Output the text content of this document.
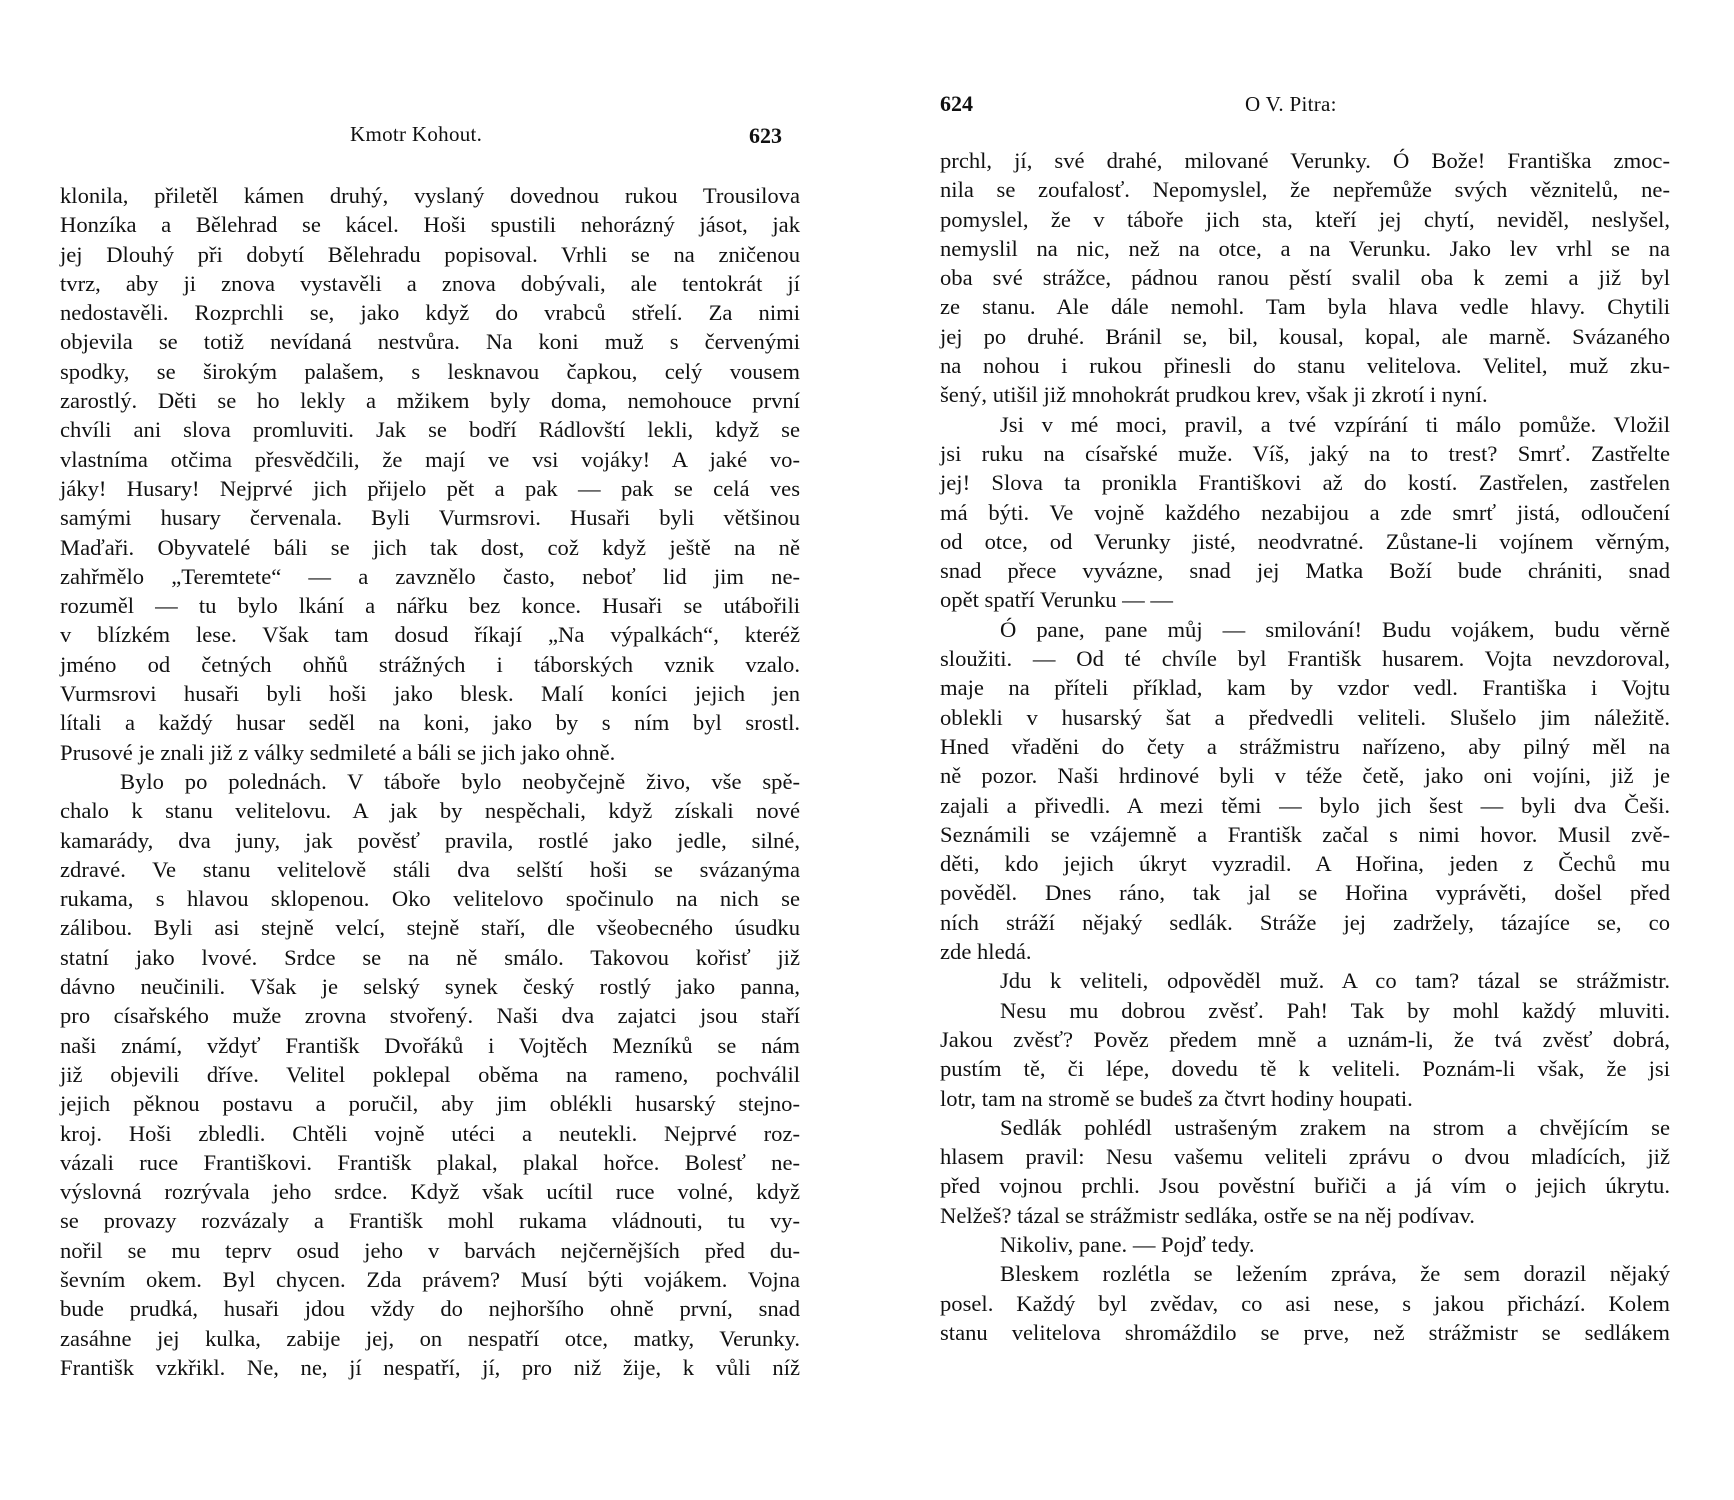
Kmotr Kohout.	623
klonila, přiletěl kámen druhý, vyslaný dovednou rukou Trousilova
Honzíka a Bělehrad se kácel. Hoši spustili nehorázný jásot, jak
jej Dlouhý při dobytí Bělehradu popisoval. Vrhli se na zničenou
tvrz, aby ji znova vystavěli a znova dobývali, ale tentokrát jí
nedostavěli. Rozprchli se, jako když do vrabců střelí. Za nimi
objevila se totiž nevídaná nestvůra. Na koni muž s červenými
spodky, se širokým palašem, s lesknavou čapkou, celý vousem
zarostlý. Děti se ho lekly a mžikem byly doma, nemohouce první
chvíli ani slova promluviti. Jak se bodří Rádlovští lekli, když se
vlastníma otčima přesvědčili, že mají ve vsi vojáky! A jaké vo-
jáky! Husary! Nejprvé jich přijelo pět a pak — pak se celá ves
samými husary červenala. Byli Vurmsrovi. Husaři byli většinou
Maďaři. Obyvatelé báli se jich tak dost, což když ještě na ně
zahřmělo „Teremtete“ — a zavznělo často, neboť lid jim ne-
rozuměl — tu bylo lkání a nářku bez konce. Husaři se utábořili
v blízkém lese. Však tam dosud říkají „Na výpalkách“, kteréž
jméno od četných ohňů strážných i táborských vznik vzalo.
Vurmsrovi husaři byli hoši jako blesk. Malí koníci jejich jen
lítali a každý husar seděl na koni, jako by s ním byl srostl.
Prusové je znali již z války sedmileté a báli se jich jako ohně.
Bylo po polednách. V táboře bylo neobyčejně živo, vše spě-
chalo k stanu velitelovu. A jak by nespěchali, když získali nové
kamarády, dva juny, jak pověsť pravila, rostlé jako jedle, silné,
zdravé. Ve stanu velitelově stáli dva selští hoši se svázanýma
rukama, s hlavou sklopenou. Oko velitelovo spočinulo na nich se
zálibou. Byli asi stejně velcí, stejně staří, dle všeobecného úsudku
statní jako lvové. Srdce se na ně smálo. Takovou kořisť již
dávno neučinili. Však je selský synek český rostlý jako panna,
pro císařského muže zrovna stvořený. Naši dva zajatci jsou staří
naši známí, vždyť Františk Dvořáků i Vojtěch Mezníků se nám
již objevili dříve. Velitel poklepal oběma na rameno, pochválil
jejich pěknou postavu a poručil, aby jim oblékli husarský stejno-
kroj. Hoši zbledli. Chtěli vojně utéci a neutekli. Nejprvé roz-
vázali ruce Františkovi. Františk plakal, plakal hořce. Bolesť ne-
výslovná rozrývala jeho srdce. Když však ucítil ruce volné, když
se provazy rozvázaly a Františk mohl rukama vládnouti, tu vy-
nořil se mu teprv osud jeho v barvách nejčernějších před du-
ševním okem. Byl chycen. Zda právem? Musí býti vojákem. Vojna
bude prudká, husaři jdou vždy do nejhoršího ohně první, snad
zasáhne jej kulka, zabije jej, on nespatří otce, matky, Verunky.
Františk vzkřikl. Ne, ne, jí nespatří, jí, pro niž žije, k vůli níž
624	O V. Pitra:
prchl, jí, své drahé, milované Verunky. Ó Bože! Františka zmoc-
nila se zoufalosť. Nepomyslel, že nepřemůže svých věznitelů, ne-
pomyslel, že v táboře jich sta, kteří jej chytí, neviděl, neslyšel,
nemyslil na nic, než na otce, a na Verunku. Jako lev vrhl se na
oba své strážce, pádnou ranou pěstí svalil oba k zemi a již byl
ze stanu. Ale dále nemohl. Tam byla hlava vedle hlavy. Chytili
jej po druhé. Bránil se, bil, kousal, kopal, ale marně. Svázaného
na nohou i rukou přinesli do stanu velitelova. Velitel, muž zku-
šený, utišil již mnohokrát prudkou krev, však ji zkrotí i nyní.
Jsi v mé moci, pravil, a tvé vzpírání ti málo pomůže. Vložil
jsi ruku na císařské muže. Víš, jaký na to trest? Smrť. Zastřelte
jej! Slova ta pronikla Františkovi až do kostí. Zastřelen, zastřelen
má býti. Ve vojně každého nezabijou a zde smrť jistá, odloučení
od otce, od Verunky jisté, neodvratné. Zůstane-li vojínem věrným,
snad přece vyvázne, snad jej Matka Boží bude chrániti, snad
opět spatří Verunku — —
Ó pane, pane můj — smilování! Budu vojákem, budu věrně
sloužiti. — Od té chvíle byl Františk husarem. Vojta nevzdoroval,
maje na příteli příklad, kam by vzdor vedl. Františka i Vojtu
oblekli v husarský šat a předvedli veliteli. Slušelo jim náležitě.
Hned vřaděni do čety a strážmistru nařízeno, aby pilný měl na
ně pozor. Naši hrdinové byli v téže četě, jako oni vojíni, již je
zajali a přivedli. A mezi těmi — bylo jich šest — byli dva Češi.
Seznámili se vzájemně a Františk začal s nimi hovor. Musil zvě-
děti, kdo jejich úkryt vyzradil. A Hořina, jeden z Čechů mu
pověděl. Dnes ráno, tak jal se Hořina vyprávěti, došel před
ních stráží nějaký sedlák. Stráže jej zadržely, tázajíce se, co
zde hledá.
Jdu k veliteli, odpověděl muž. A co tam? tázal se strážmistr.
Nesu mu dobrou zvěsť. Pah! Tak by mohl každý mluviti.
Jakou zvěsť? Pověz předem mně a uznám-li, že tvá zvěsť dobrá,
pustím tě, či lépe, dovedu tě k veliteli. Poznám-li však, že jsi
lotr, tam na stromě se budeš za čtvrt hodiny houpati.
Sedlák pohlédl ustrašeným zrakem na strom a chvějícím se
hlasem pravil: Nesu vašemu veliteli zprávu o dvou mladících, již
před vojnou prchli. Jsou pověstní buřiči a já vím o jejich úkrytu.
Nelžeš? tázal se strážmistr sedláka, ostře se na něj podívav.
Nikoliv, pane. — Pojď tedy.
Bleskem rozlétla se ležením zpráva, že sem dorazil nějaký
posel. Každý byl zvědav, co asi nese, s jakou přichází. Kolem
stanu velitelova shromáždilo se prve, než strážmistr se sedlákem
